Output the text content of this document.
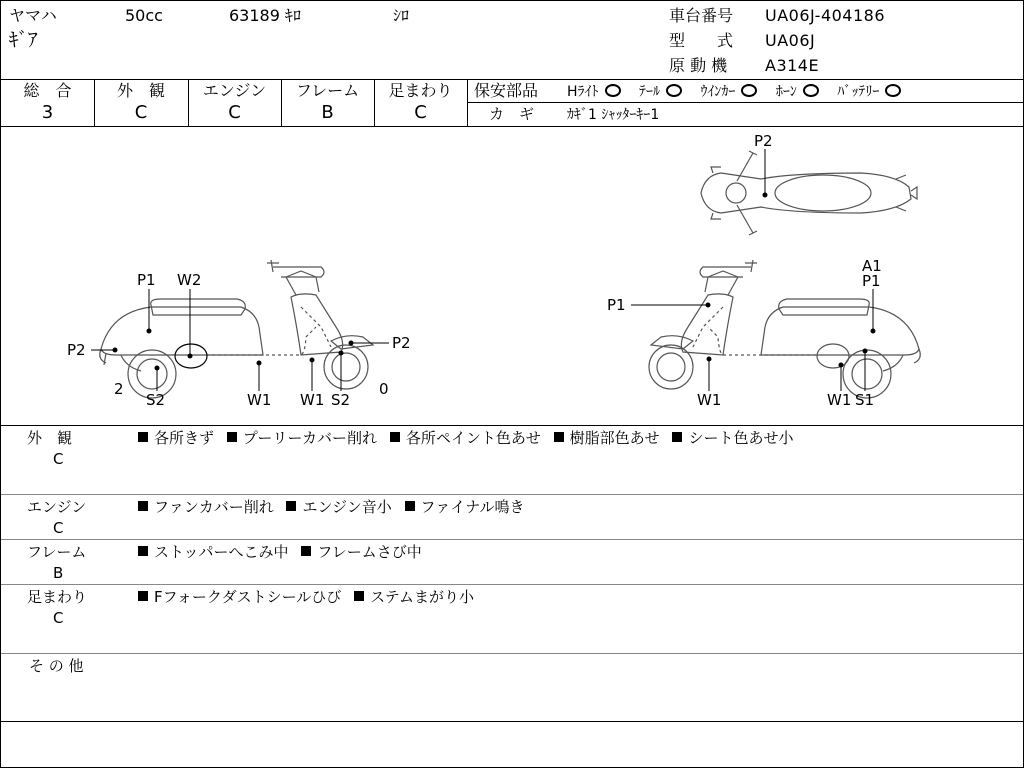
ヤマハ	50cc	63189 ｷﾛ	ｼﾛ
ｷﾞｱ
車台番号 UA06J-404186
型　　式 UA06J
原 動 機 A314E
総　合
3
外　観
C
エンジン
C
フレーム
B
足まわり
C
保安部品 Hﾗｲﾄ	ﾃｰﾙ	ｳｲﾝｶｰ	ﾎｰﾝ	ﾊﾞｯﾃﾘｰ
カ　ギ ｶｷﾞ1 ｼｬｯﾀｰｷｰ1
P1 W2
P2	P2
2	0
S2	W1 W1 S2
P1
A1
P1
W1	W1 S1
P2
外　観
C
各所きず プーリーカバー削れ 各所ペイント色あせ 樹脂部色あせ シート色あせ小
エンジン
C
ファンカバー削れ エンジン音小 ファイナル鳴き
フレーム
B
ストッパーへこみ中 フレームさび中
足まわり
C
Fフォークダストシールひび ステムまがり小
そ の 他
